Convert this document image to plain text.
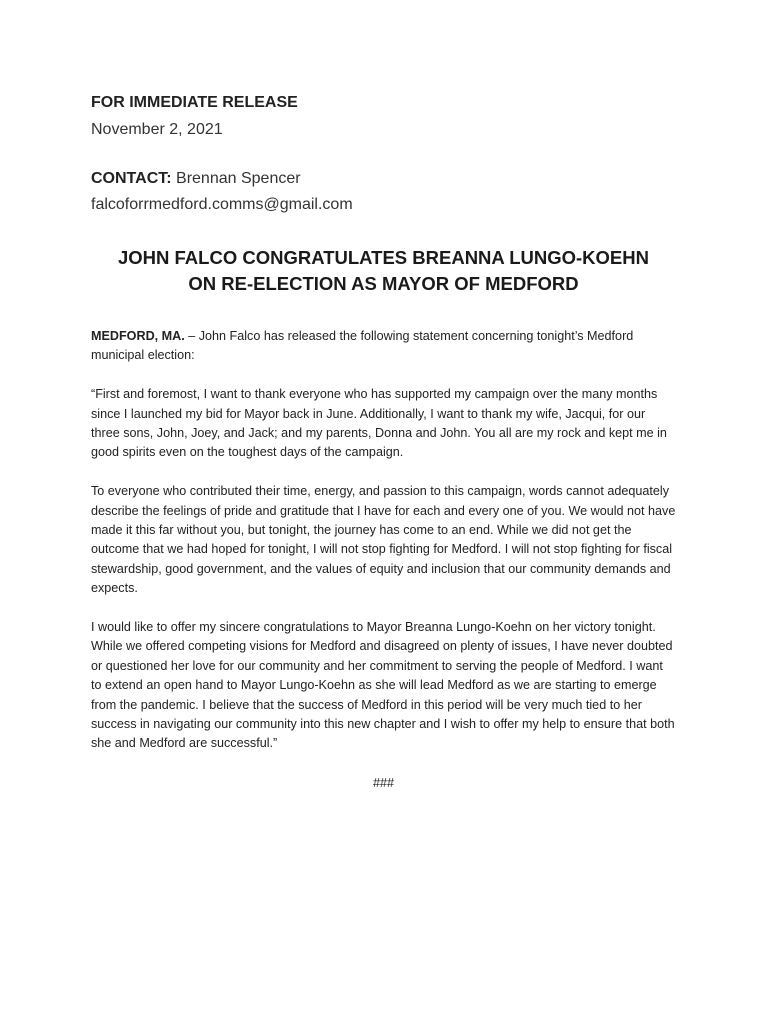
FOR IMMEDIATE RELEASE

November 2, 2021

CONTACT: Brennan Spencer

falcoforrmedford.comms@gmail.com

JOHN FALCO CONGRATULATES BREANNA LUNGO-KOEHN
ON RE-ELECTION AS MAYOR OF MEDFORD

MEDFORD, MA. – John Falco has released the following statement concerning tonight’s Medford municipal election:

“First and foremost, I want to thank everyone who has supported my campaign over the many months since I launched my bid for Mayor back in June. Additionally, I want to thank my wife, Jacqui, for our three sons, John, Joey, and Jack; and my parents, Donna and John. You all are my rock and kept me in good spirits even on the toughest days of the campaign.

To everyone who contributed their time, energy, and passion to this campaign, words cannot adequately describe the feelings of pride and gratitude that I have for each and every one of you. We would not have made it this far without you, but tonight, the journey has come to an end. While we did not get the outcome that we had hoped for tonight, I will not stop fighting for Medford. I will not stop fighting for fiscal stewardship, good government, and the values of equity and inclusion that our community demands and expects.

I would like to offer my sincere congratulations to Mayor Breanna Lungo-Koehn on her victory tonight. While we offered competing visions for Medford and disagreed on plenty of issues, I have never doubted or questioned her love for our community and her commitment to serving the people of Medford. I want to extend an open hand to Mayor Lungo-Koehn as she will lead Medford as we are starting to emerge from the pandemic. I believe that the success of Medford in this period will be very much tied to her success in navigating our community into this new chapter and I wish to offer my help to ensure that both she and Medford are successful.”

###
